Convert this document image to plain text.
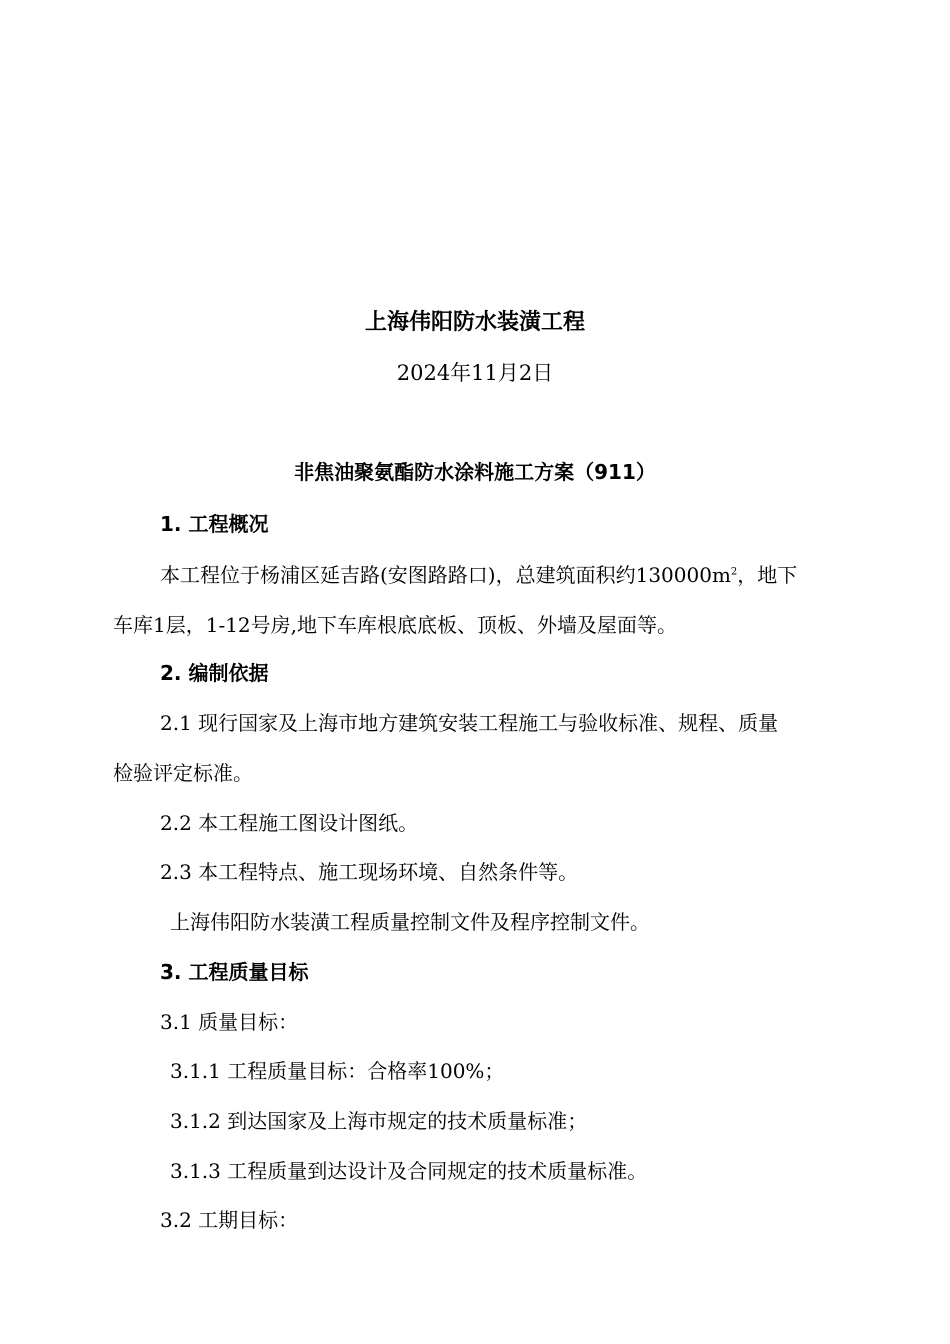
上海伟阳防水装潢工程
2024年11月2日
非焦油聚氨酯防水涂料施工方案（911）
1. 工程概况
本工程位于杨浦区延吉路(安图路路口)，总建筑面积约$130000m^2$，地下
车库1层，1-12号房,地下车库根底底板、顶板、外墙及屋面等。
2. 编制依据
2.1 现行国家及上海市地方建筑安装工程施工与验收标准、规程、质量
检验评定标准。
2.2 本工程施工图设计图纸。
2.3 本工程特点、施工现场环境、自然条件等。
上海伟阳防水装潢工程质量控制文件及程序控制文件。
3. 工程质量目标
3.1 质量目标：
3.1.1 工程质量目标：合格率100%；
3.1.2 到达国家及上海市规定的技术质量标准；
3.1.3 工程质量到达设计及合同规定的技术质量标准。
3.2 工期目标：
